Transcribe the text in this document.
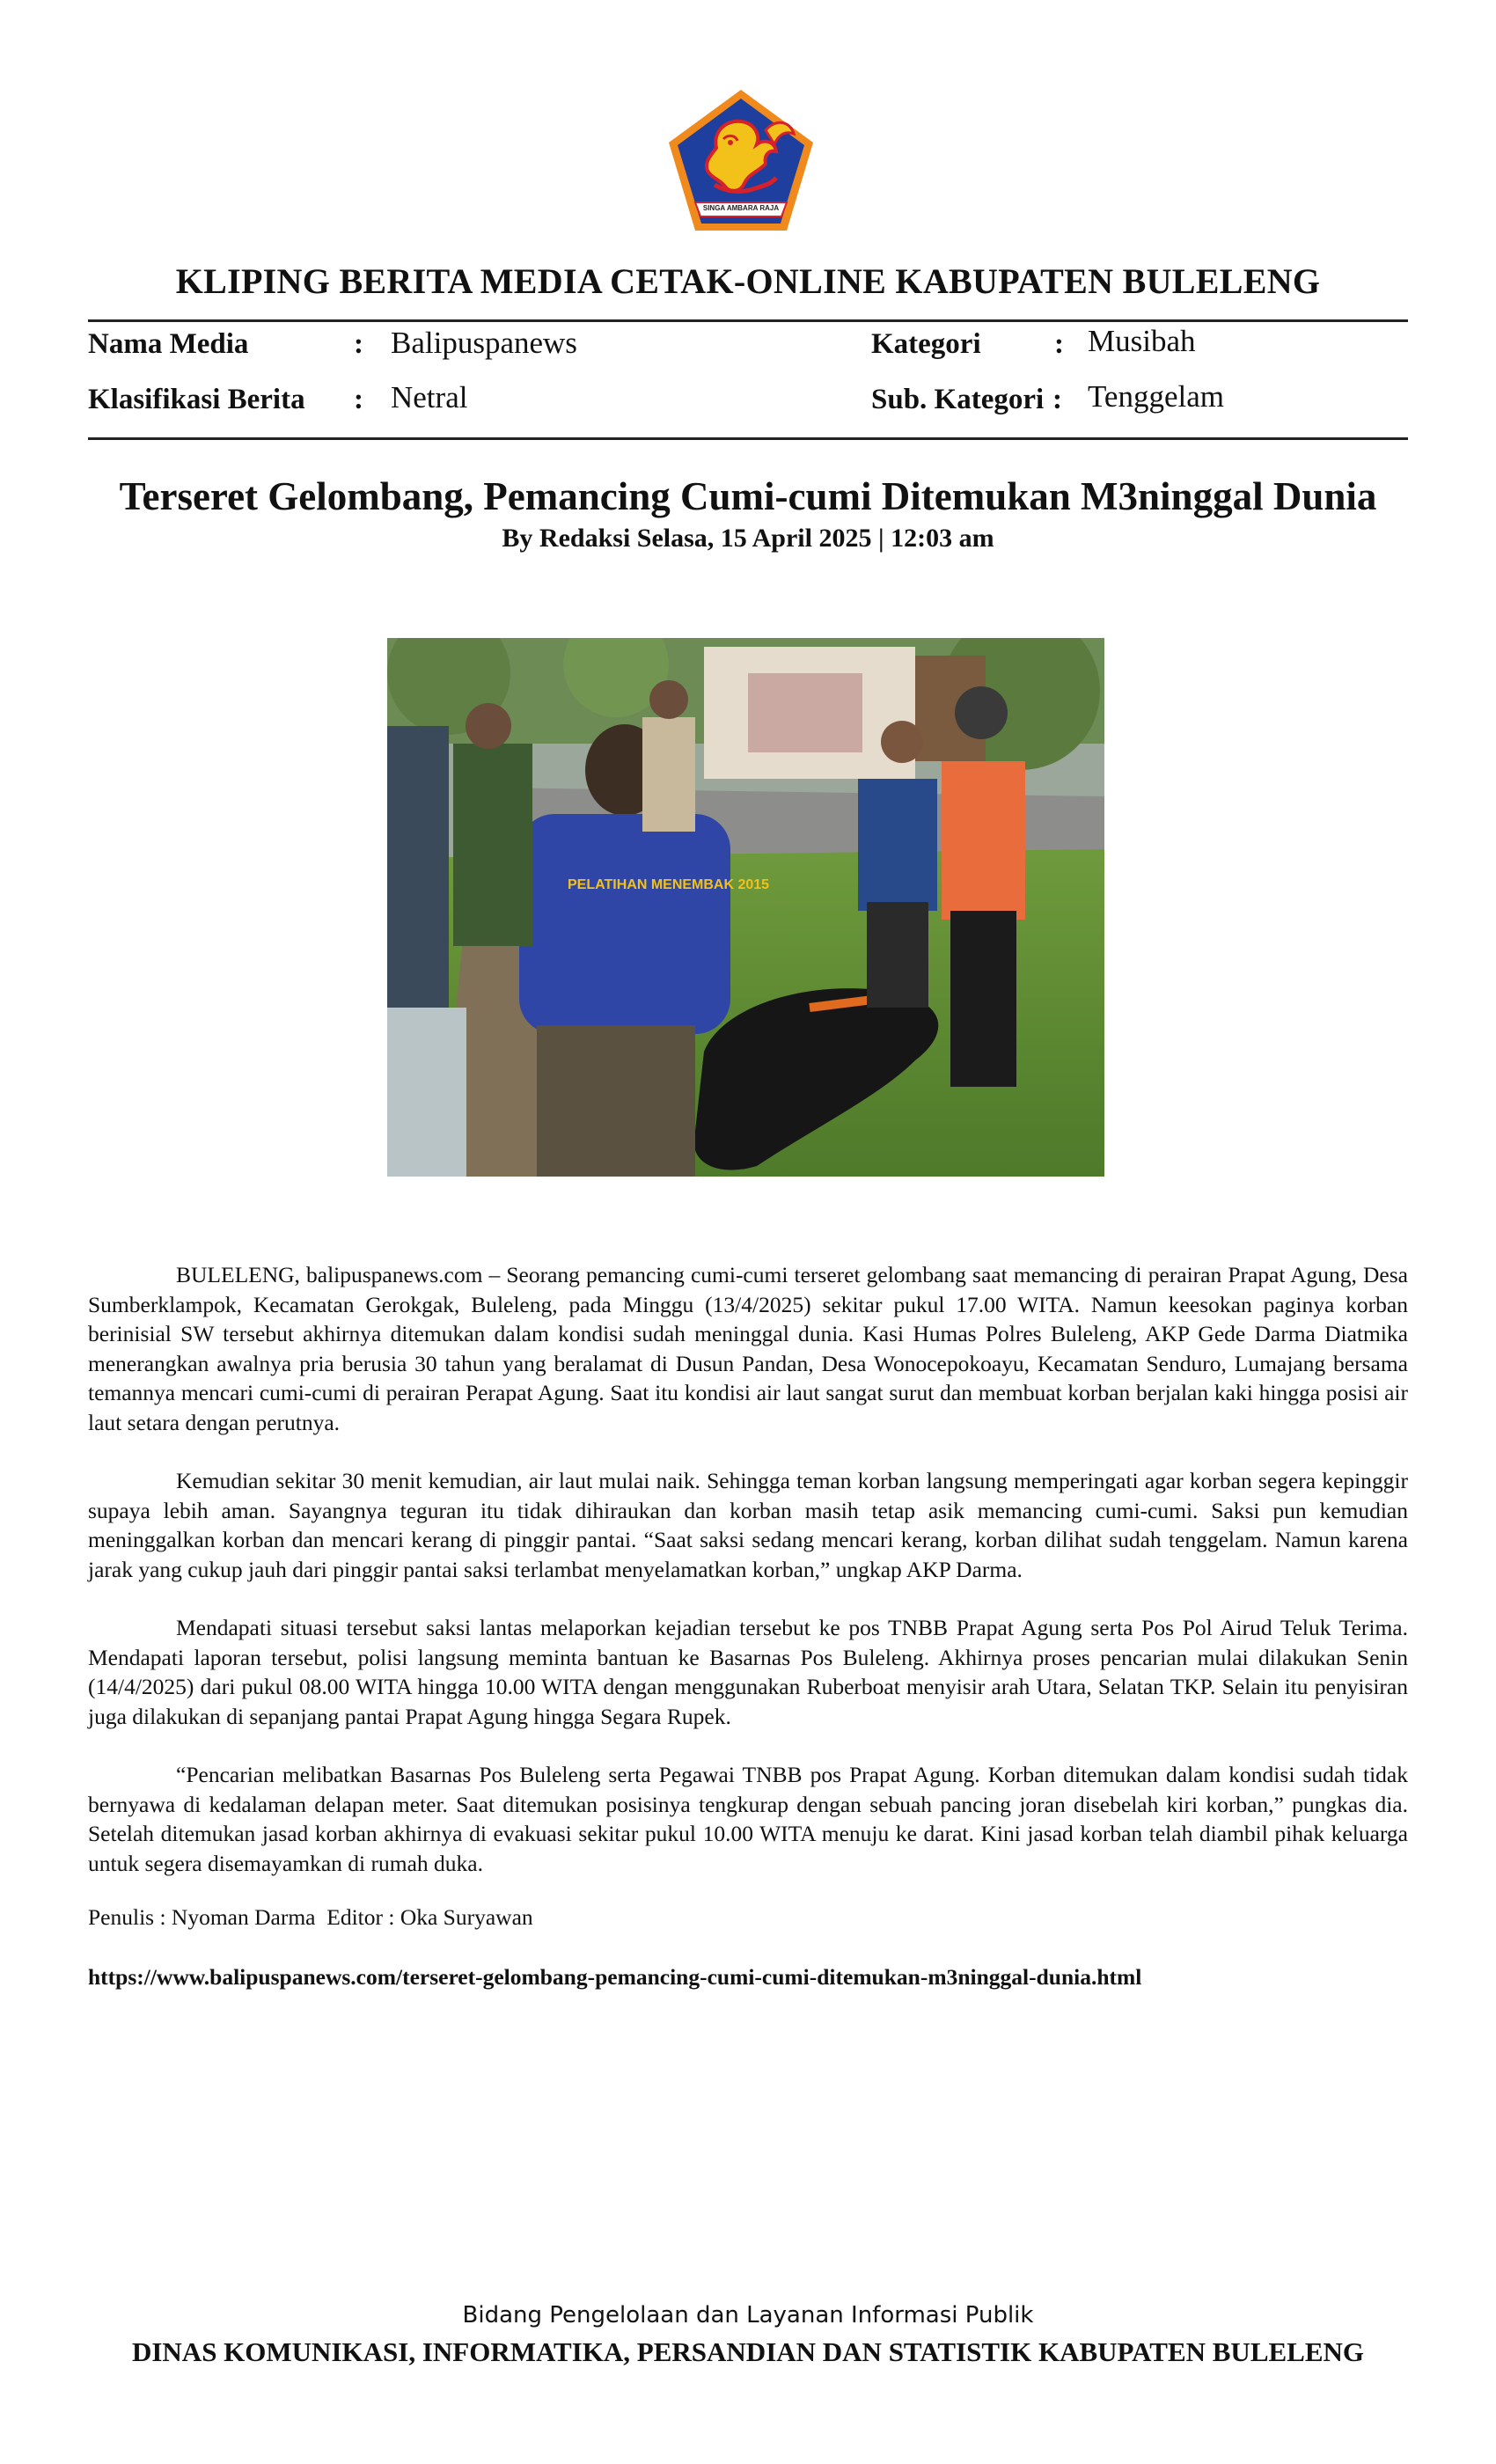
SINGA AMBARA RAJA
KLIPING BERITA MEDIA CETAK-ONLINE KABUPATEN BULELENG
Nama Media	: Balipuspanews	Kategori	: Musibah
Klasifikasi Berita : Netral	Sub. Kategori : Tenggelam
Terseret Gelombang, Pemancing Cumi-cumi Ditemukan M3ninggal Dunia
By Redaksi Selasa, 15 April 2025 | 12:03 am
PELATIHAN MENEMBAK 2015

BULELENG, balipuspanews.com – Seorang pemancing cumi-cumi terseret gelombang saat memancing di perairan Prapat Agung, Desa Sumberklampok, Kecamatan Gerokgak, Buleleng, pada Minggu (13/4/2025) sekitar pukul 17.00 WITA. Namun keesokan paginya korban berinisial SW tersebut akhirnya ditemukan dalam kondisi sudah meninggal dunia. Kasi Humas Polres Buleleng, AKP Gede Darma Diatmika menerangkan awalnya pria berusia 30 tahun yang beralamat di Dusun Pandan, Desa Wonocepokoayu, Kecamatan Senduro, Lumajang bersama temannya mencari cumi-cumi di perairan Perapat Agung. Saat itu kondisi air laut sangat surut dan membuat korban berjalan kaki hingga posisi air laut setara dengan perutnya.

Kemudian sekitar 30 menit kemudian, air laut mulai naik. Sehingga teman korban langsung memperingati agar korban segera kepinggir supaya lebih aman. Sayangnya teguran itu tidak dihiraukan dan korban masih tetap asik memancing cumi-cumi. Saksi pun kemudian meninggalkan korban dan mencari kerang di pinggir pantai. “Saat saksi sedang mencari kerang, korban dilihat sudah tenggelam. Namun karena jarak yang cukup jauh dari pinggir pantai saksi terlambat menyelamatkan korban,” ungkap AKP Darma.

Mendapati situasi tersebut saksi lantas melaporkan kejadian tersebut ke pos TNBB Prapat Agung serta Pos Pol Airud Teluk Terima. Mendapati laporan tersebut, polisi langsung meminta bantuan ke Basarnas Pos Buleleng. Akhirnya proses pencarian mulai dilakukan Senin (14/4/2025) dari pukul 08.00 WITA hingga 10.00 WITA dengan menggunakan Ruberboat menyisir arah Utara, Selatan TKP. Selain itu penyisiran juga dilakukan di sepanjang pantai Prapat Agung hingga Segara Rupek.

“Pencarian melibatkan Basarnas Pos Buleleng serta Pegawai TNBB pos Prapat Agung. Korban ditemukan dalam kondisi sudah tidak bernyawa di kedalaman delapan meter. Saat ditemukan posisinya tengkurap dengan sebuah pancing joran disebelah kiri korban,” pungkas dia. Setelah ditemukan jasad korban akhirnya di evakuasi sekitar pukul 10.00 WITA menuju ke darat. Kini jasad korban telah diambil pihak keluarga untuk segera disemayamkan di rumah duka.

Penulis : Nyoman Darma  Editor : Oka Suryawan
https://www.balipuspanews.com/terseret-gelombang-pemancing-cumi-cumi-ditemukan-m3ninggal-dunia.html
Bidang Pengelolaan dan Layanan Informasi Publik
DINAS KOMUNIKASI, INFORMATIKA, PERSANDIAN DAN STATISTIK KABUPATEN BULELENG
